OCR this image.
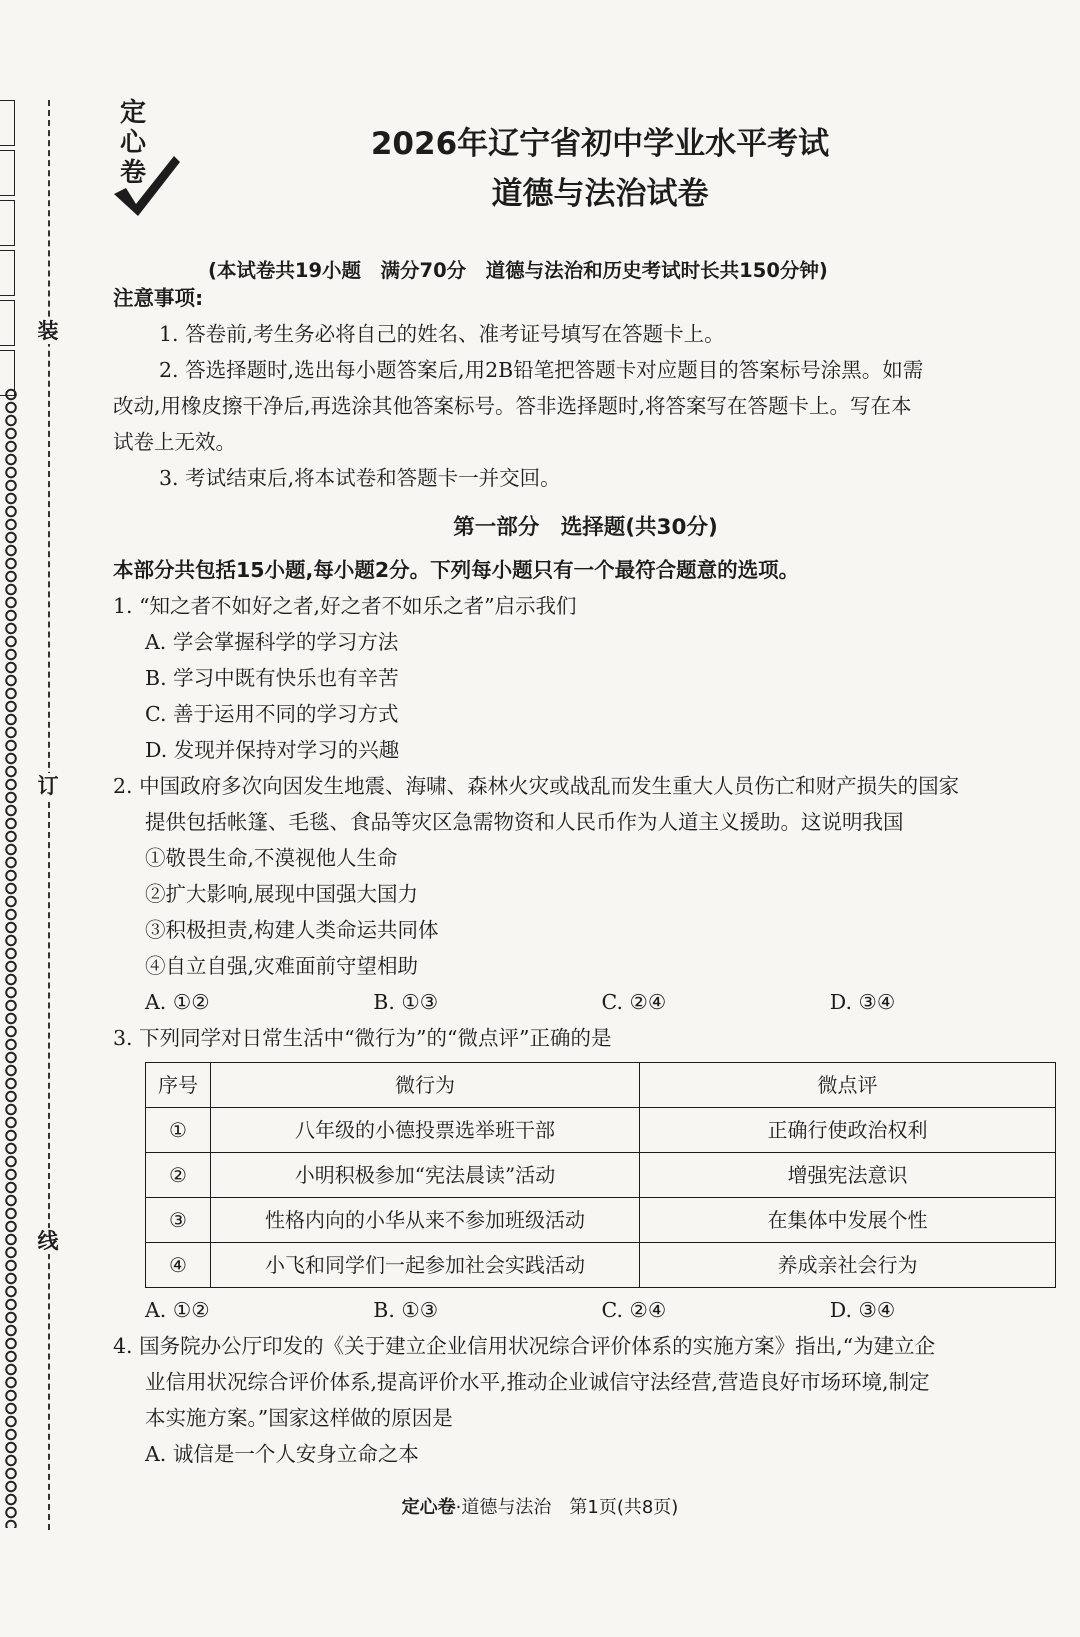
装
订
线
定
心
卷
2026年辽宁省初中学业水平考试
道德与法治试卷
(本试卷共19小题　满分70分　道德与法治和历史考试时长共150分钟)
注意事项:
1. 答卷前,考生务必将自己的姓名、准考证号填写在答题卡上。
2. 答选择题时,选出每小题答案后,用2B铅笔把答题卡对应题目的答案标号涂黑。如需
改动,用橡皮擦干净后,再选涂其他答案标号。答非选择题时,将答案写在答题卡上。写在本
试卷上无效。
3. 考试结束后,将本试卷和答题卡一并交回。
第一部分　选择题(共30分)
本部分共包括15小题,每小题2分。下列每小题只有一个最符合题意的选项。
1. “知之者不如好之者,好之者不如乐之者”启示我们
A. 学会掌握科学的学习方法
B. 学习中既有快乐也有辛苦
C. 善于运用不同的学习方式
D. 发现并保持对学习的兴趣
2. 中国政府多次向因发生地震、海啸、森林火灾或战乱而发生重大人员伤亡和财产损失的国家
提供包括帐篷、毛毯、食品等灾区急需物资和人民币作为人道主义援助。这说明我国
①敬畏生命,不漠视他人生命
②扩大影响,展现中国强大国力
③积极担责,构建人类命运共同体
④自立自强,灾难面前守望相助
A. ①②	B. ①③	C. ②④	D. ③④
3. 下列同学对日常生活中“微行为”的“微点评”正确的是
序号	微行为	微点评
①	八年级的小德投票选举班干部	正确行使政治权利
②	小明积极参加“宪法晨读”活动	增强宪法意识
③	性格内向的小华从来不参加班级活动	在集体中发展个性
④	小飞和同学们一起参加社会实践活动	养成亲社会行为
A. ①②	B. ①③	C. ②④	D. ③④
4. 国务院办公厅印发的《关于建立企业信用状况综合评价体系的实施方案》指出,“为建立企
业信用状况综合评价体系,提高评价水平,推动企业诚信守法经营,营造良好市场环境,制定
本实施方案。”国家这样做的原因是
A. 诚信是一个人安身立命之本
定心卷·道德与法治　第1页(共8页)
